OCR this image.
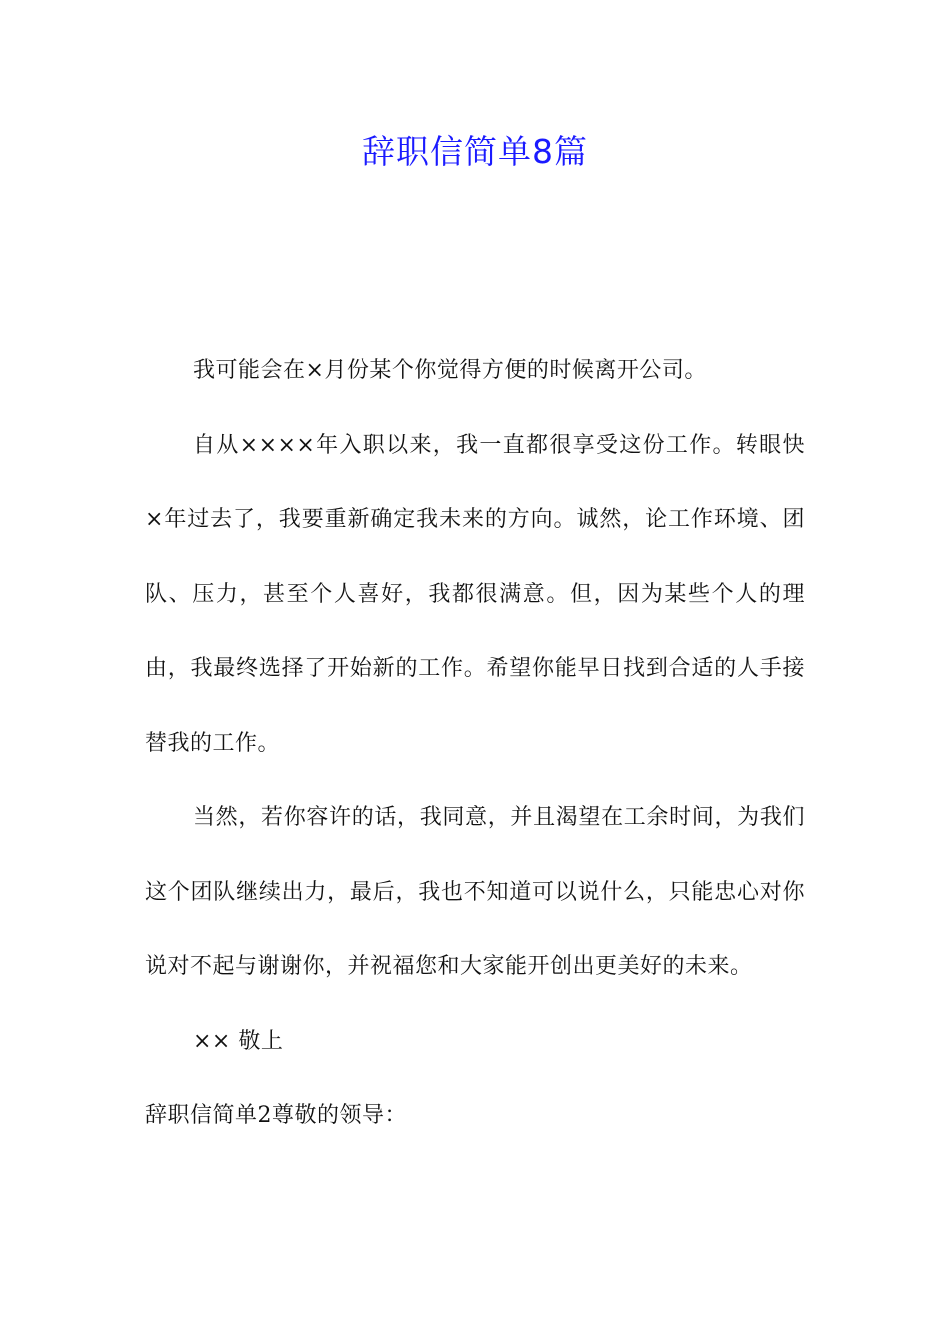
辞职信简单8篇

我可能会在×月份某个你觉得方便的时候离开公司。

自从××××年入职以来，我一直都很享受这份工作。转眼快×年过去了，我要重新确定我未来的方向。诚然，论工作环境、团队、压力，甚至个人喜好，我都很满意。但，因为某些个人的理由，我最终选择了开始新的工作。希望你能早日找到合适的人手接替我的工作。

当然，若你容许的话，我同意，并且渴望在工余时间，为我们这个团队继续出力，最后，我也不知道可以说什么，只能忠心对你说对不起与谢谢你，并祝福您和大家能开创出更美好的未来。

×× 敬上

辞职信简单2尊敬的领导：
